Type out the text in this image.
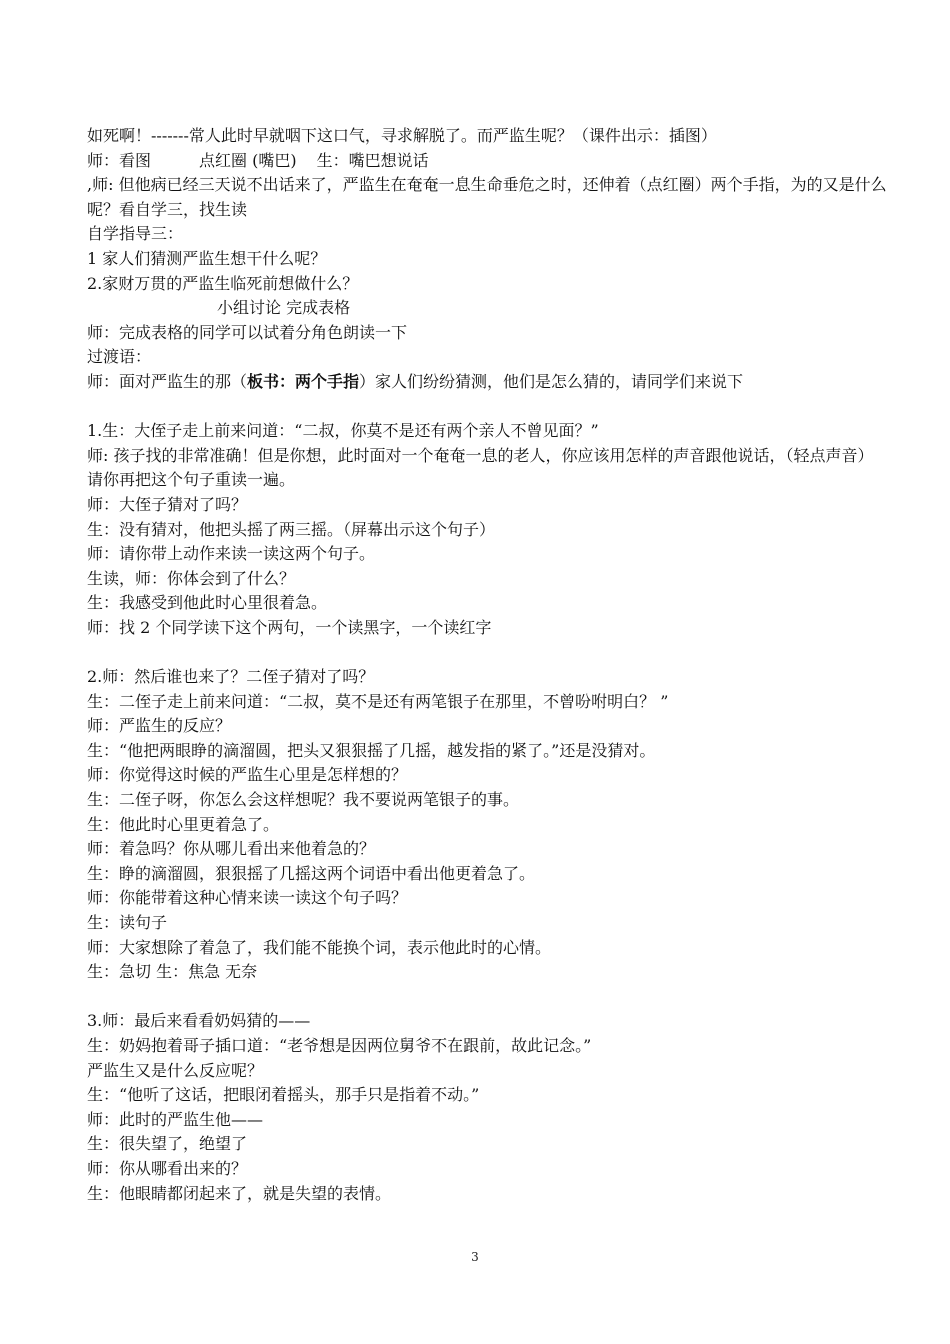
如死啊！-------常人此时早就咽下这口气，寻求解脱了。而严监生呢？（课件出示：插图）
师：看图	点红圈 (嘴巴) 生：嘴巴想说话
,师: 但他病已经三天说不出话来了，严监生在奄奄一息生命垂危之时，还伸着（点红圈）两个手指，为的又是什么呢？看自学三，找生读
自学指导三：
1 家人们猜测严监生想干什么呢？
2.家财万贯的严监生临死前想做什么？
小组讨论 完成表格
师：完成表格的同学可以试着分角色朗读一下
过渡语：
师：面对严监生的那（板书：两个手指）家人们纷纷猜测，他们是怎么猜的，请同学们来说下
1.生：大侄子走上前来问道：“二叔，你莫不是还有两个亲人不曾见面？”
师: 孩子找的非常准确！但是你想，此时面对一个奄奄一息的老人，你应该用怎样的声音跟他说话，（轻点声音）请你再把这个句子重读一遍。
师：大侄子猜对了吗？
生：没有猜对，他把头摇了两三摇。（屏幕出示这个句子）
师：请你带上动作来读一读这两个句子。
生读，师：你体会到了什么？
生：我感受到他此时心里很着急。
师：找 2 个同学读下这个两句，一个读黑字，一个读红字
2.师：然后谁也来了？二侄子猜对了吗？
生：二侄子走上前来问道：“二叔，莫不是还有两笔银子在那里，不曾吩咐明白？ ”
师：严监生的反应？
生：“他把两眼睁的滴溜圆，把头又狠狠摇了几摇，越发指的紧了。”还是没猜对。
师：你觉得这时候的严监生心里是怎样想的？
生：二侄子呀，你怎么会这样想呢？我不要说两笔银子的事。
生：他此时心里更着急了。
师：着急吗？你从哪儿看出来他着急的？
生：睁的滴溜圆，狠狠摇了几摇这两个词语中看出他更着急了。
师：你能带着这种心情来读一读这个句子吗？
生：读句子
师：大家想除了着急了，我们能不能换个词，表示他此时的心情。
生：急切 生：焦急 无奈
3.师：最后来看看奶妈猜的——
生：奶妈抱着哥子插口道：“老爷想是因两位舅爷不在跟前，故此记念。”
严监生又是什么反应呢？
生：“他听了这话，把眼闭着摇头，那手只是指着不动。”
师：此时的严监生他——
生：很失望了，绝望了
师：你从哪看出来的？
生：他眼睛都闭起来了，就是失望的表情。
3
